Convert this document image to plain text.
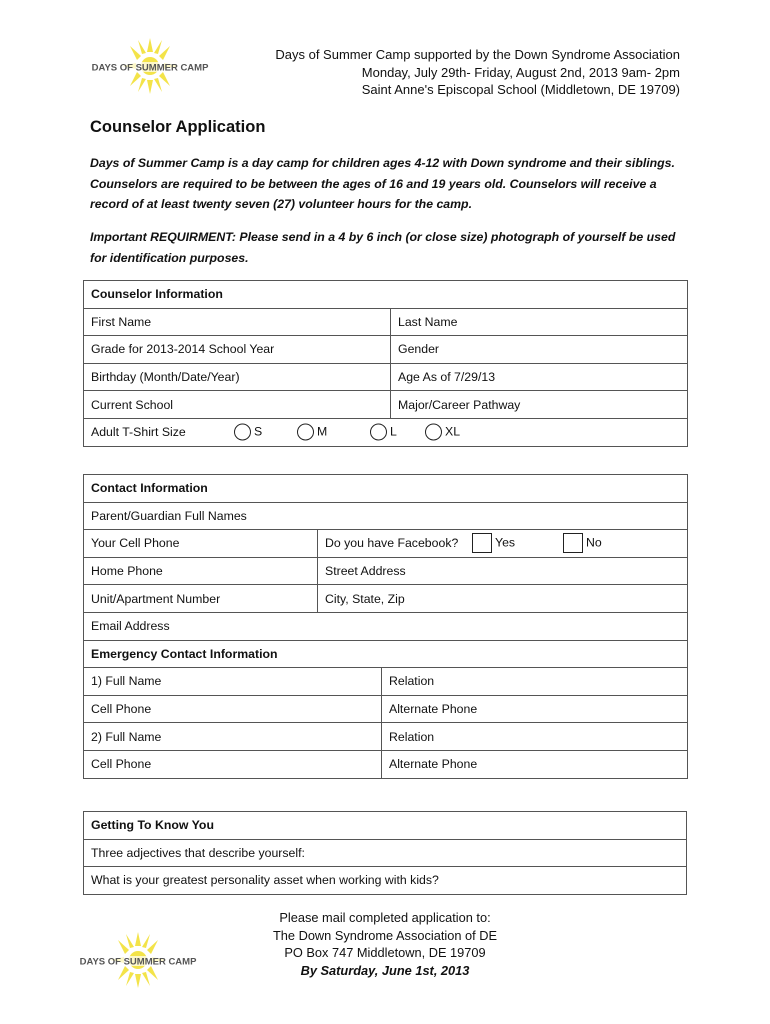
DAYS OF SUMMER CAMP
Days of Summer Camp supported by the Down Syndrome Association
Monday, July 29th- Friday, August 2nd, 2013 9am- 2pm
Saint Anne's Episcopal School (Middletown, DE 19709)
Counselor Application
Days of Summer Camp is a day camp for children ages 4-12 with Down syndrome and their siblings. Counselors are required to be between the ages of 16 and 19 years old. Counselors will receive a record of at least twenty seven (27) volunteer hours for the camp.
Important REQUIRMENT: Please send in a 4 by 6 inch (or close size) photograph of yourself be used for identification purposes.
Counselor Information	
First Name	Last Name
Grade for 2013-2014 School Year	Gender
Birthday (Month/Date/Year)	Age As of 7/29/13
Current School	Major/Career Pathway
Adult T-Shirt Size S M L XL	
Contact Information		
Parent/Guardian Full Names		
Your Cell Phone	Do you have Facebook? Yes No	

Home Phone	Street Address	
Unit/Apartment Number	City, State, Zip	
Email Address		
Emergency Contact Information		
1) Full Name		Relation
Cell Phone		Alternate Phone
2) Full Name		Relation
Cell Phone		Alternate Phone
Getting To Know You
Three adjectives that describe yourself:
What is your greatest personality asset when working with kids?
DAYS OF SUMMER CAMP
Please mail completed application to:
The Down Syndrome Association of DE
PO Box 747 Middletown, DE 19709
By Saturday, June 1st, 2013
